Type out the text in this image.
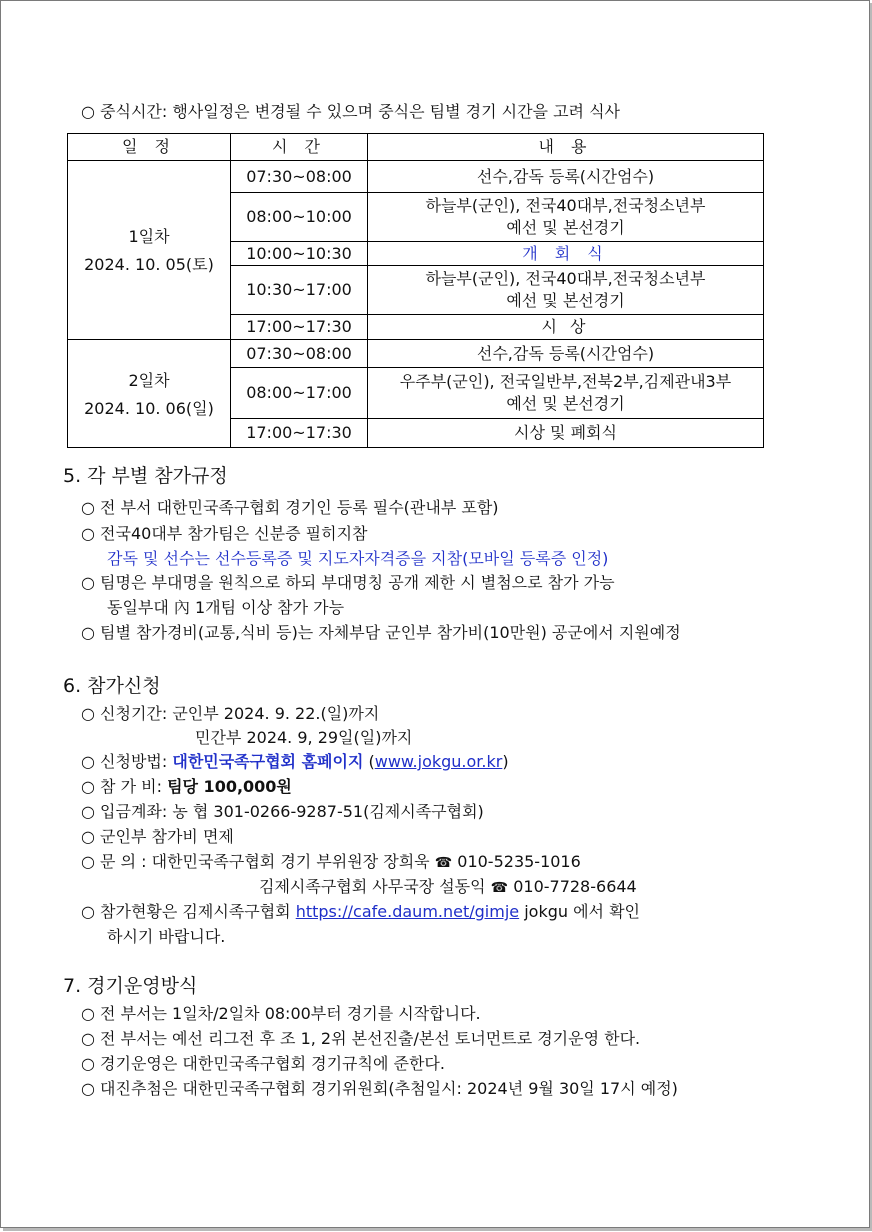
○ 중식시간: 행사일정은 변경될 수 있으며 중식은 팀별 경기 시간을 고려 식사
일 정	시 간	내 용

1일차
2024. 10. 05(토)	07:30~08:00	선수,감독 등록(시간엄수)
	08:00~10:00	하늘부(군인), 전국40대부,전국청소년부
예선 및 본선경기

	10:00~10:30	개 회 식
	10:30~17:00	하늘부(군인), 전국40대부,전국청소년부
예선 및 본선경기

	17:00~17:30	시 상

2일차
2024. 10. 06(일)	07:30~08:00	선수,감독 등록(시간엄수)
	08:00~17:00	우주부(군인), 전국일반부,전북2부,김제관내3부
예선 및 본선경기

	17:00~17:30	시상 및 폐회식
5. 각 부별 참가규정
○ 전 부서 대한민국족구협회 경기인 등록 필수(관내부 포함)
○ 전국40대부 참가팀은 신분증 필히지참
감독 및 선수는 선수등록증 및 지도자자격증을 지참(모바일 등록증 인정)
○ 팀명은 부대명을 원칙으로 하되 부대명칭 공개 제한 시 별첨으로 참가 가능
동일부대 內 1개팀 이상 참가 가능
○ 팀별 참가경비(교통,식비 등)는 자체부담 군인부 참가비(10만원) 공군에서 지원예정
6. 참가신청
○ 신청기간: 군인부 2024. 9. 22.(일)까지
민간부 2024. 9, 29일(일)까지
○ 신청방법: 대한민국족구협회 홈페이지 (www.jokgu.or.kr)
○ 참 가 비: 팀당 100,000원
○ 입금계좌: 농 협 301-0266-9287-51(김제시족구협회)
○ 군인부 참가비 면제
○ 문 의 : 대한민국족구협회 경기 부위원장 장희욱 ☎ 010-5235-1016
김제시족구협회 사무국장 설동익 ☎ 010-7728-6644
○ 참가현황은 김제시족구협회 https://cafe.daum.net/gimje jokgu 에서 확인
하시기 바랍니다.
7. 경기운영방식
○ 전 부서는 1일차/2일차 08:00부터 경기를 시작합니다.
○ 전 부서는 예선 리그전 후 조 1, 2위 본선진출/본선 토너먼트로 경기운영 한다.
○ 경기운영은 대한민국족구협회 경기규칙에 준한다.
○ 대진추첨은 대한민국족구협회 경기위원회(추첨일시: 2024년 9월 30일 17시 예정)
